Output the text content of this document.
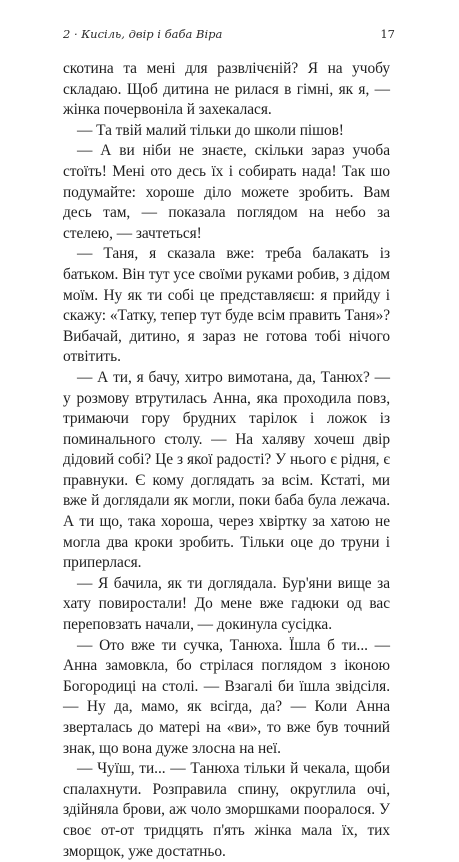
2 · Кисіль, двір і баба Віра	17

скотина та мені для развлічєній? Я на учобу складаю. Щоб дитина не рилася в гімні, як я, — жінка почервоніла й захекалася.

— Та твій малий тільки до школи пішов!

— А ви ніби не знаєте, скільки зараз учоба стоїть! Мені ото десь їх і собирать нада! Так шо подумайте: хороше діло можете зробить. Вам десь там, — показала поглядом на небо за стелею, — зачтеться!

— Таня, я сказала вже: треба балакать із батьком. Він тут усе своїми руками робив, з дідом моїм. Ну як ти собі це представляєш: я прийду і скажу: «Татку, тепер тут буде всім править Таня»? Вибачай, дитино, я зараз не готова тобі нічого отвітить.

— А ти, я бачу, хитро вимотана, да, Танюх? — у розмову втрутилась Анна, яка проходила повз, тримаючи гору брудних тарілок і ложок із поминального столу. — На халяву хочеш двір дідовий собі? Це з якої радості? У нього є рідня, є правнуки. Є кому доглядать за всім. Кстаті, ми вже й доглядали як могли, поки баба була лежача. А ти що, така хороша, через хвіртку за хатою не могла два кроки зробить. Тільки оце до труни і приперлася.

— Я бачила, як ти доглядала. Бур'яни вище за хату повиростали! До мене вже гадюки од вас переповзать начали, — докинула сусідка.

— Ото вже ти сучка, Танюха. Їшла б ти... — Анна замовкла, бо стрілася поглядом з іконою Богородиці на столі. — Взагалі би їшла звідсіля. — Ну да, мамо, як всігда, да? — Коли Анна зверталась до матері на «ви», то вже був точний знак, що вона дуже злосна на неї.

— Чуїш, ти... — Танюха тільки й чекала, щоби спалахнути. Розправила спину, округлила очі, здійняла брови, аж чоло зморшками пооралося. У своє от-от тридцять п'ять жінка мала їх, тих зморщок, уже достатньо.
